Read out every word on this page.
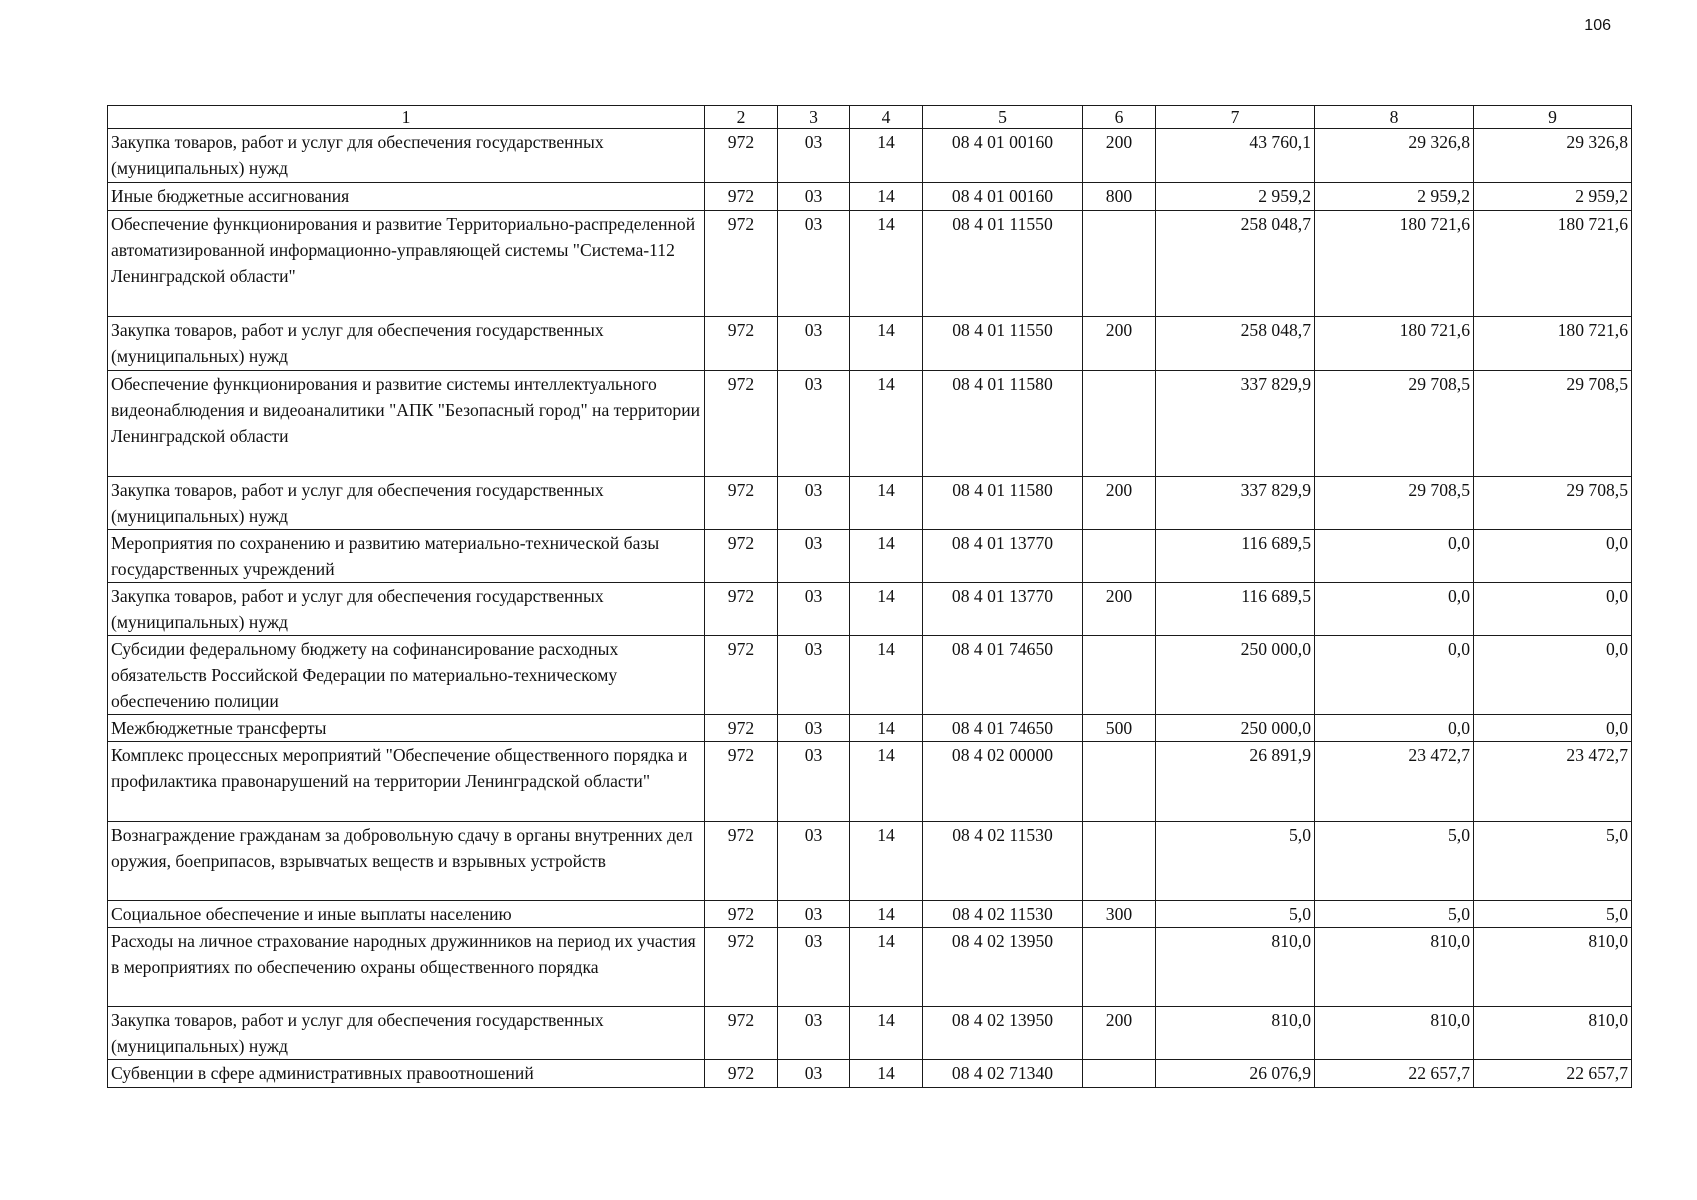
106
1	2	3	4	5	6	7	8	9
Закупка товаров, работ и услуг для обеспечения государственных (муниципальных) нужд	972	03	14	08 4 01 00160	200	43 760,1	29 326,8	29 326,8
Иные бюджетные ассигнования	972	03	14	08 4 01 00160	800	2 959,2	2 959,2	2 959,2
Обеспечение функционирования и развитие Территориально-распределенной автоматизированной информационно-управляющей системы "Система-112 Ленинградской области"	972	03	14	08 4 01 11550		258 048,7	180 721,6	180 721,6
Закупка товаров, работ и услуг для обеспечения государственных (муниципальных) нужд	972	03	14	08 4 01 11550	200	258 048,7	180 721,6	180 721,6
Обеспечение функционирования и развитие системы интеллектуального видеонаблюдения и видеоаналитики "АПК "Безопасный город" на территории Ленинградской области	972	03	14	08 4 01 11580		337 829,9	29 708,5	29 708,5
Закупка товаров, работ и услуг для обеспечения государственных (муниципальных) нужд	972	03	14	08 4 01 11580	200	337 829,9	29 708,5	29 708,5
Мероприятия по сохранению и развитию материально-технической базы государственных учреждений	972	03	14	08 4 01 13770		116 689,5	0,0	0,0
Закупка товаров, работ и услуг для обеспечения государственных (муниципальных) нужд	972	03	14	08 4 01 13770	200	116 689,5	0,0	0,0
Субсидии федеральному бюджету на софинансирование расходных обязательств Российской Федерации по материально-техническому обеспечению полиции	972	03	14	08 4 01 74650		250 000,0	0,0	0,0
Межбюджетные трансферты	972	03	14	08 4 01 74650	500	250 000,0	0,0	0,0
Комплекс процессных мероприятий "Обеспечение общественного порядка и профилактика правонарушений на территории Ленинградской области"	972	03	14	08 4 02 00000		26 891,9	23 472,7	23 472,7
Вознаграждение гражданам за добровольную сдачу в органы внутренних дел оружия, боеприпасов, взрывчатых веществ и взрывных устройств	972	03	14	08 4 02 11530		5,0	5,0	5,0
Социальное обеспечение и иные выплаты населению	972	03	14	08 4 02 11530	300	5,0	5,0	5,0
Расходы на личное страхование народных дружинников на период их участия в мероприятиях по обеспечению охраны общественного порядка	972	03	14	08 4 02 13950		810,0	810,0	810,0
Закупка товаров, работ и услуг для обеспечения государственных (муниципальных) нужд	972	03	14	08 4 02 13950	200	810,0	810,0	810,0
Субвенции в сфере административных правоотношений	972	03	14	08 4 02 71340		26 076,9	22 657,7	22 657,7
